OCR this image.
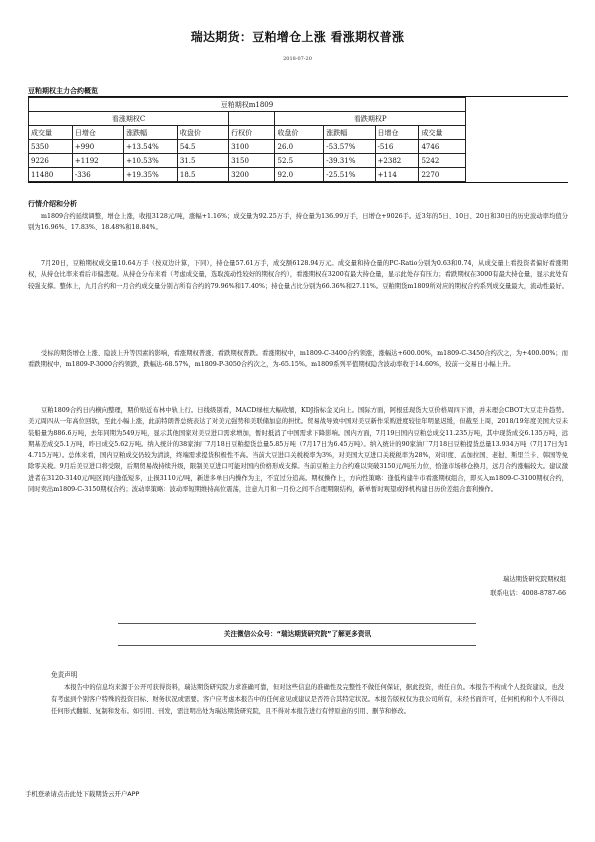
瑞达期货：豆粕增仓上涨 看涨期权普涨
2018-07-20
豆粕期权主力合约概览
豆粕期权m1809								
看涨期权C					看跌期权P			
成交量	日增仓	涨跌幅	收盘价	行权价	收盘价	涨跌幅	日增仓	成交量
5350	+990	+13.54%	54.5	3100	26.0	-53.57%	-516	4746
9226	+1192	+10.53%	31.5	3150	52.5	-39.31%	+2382	5242
11480	-336	+19.35%	18.5	3200	92.0	-25.51%	+114	2270
行情介绍和分析
m1809合约延续调整，增仓上涨，收报3128元/吨，涨幅+1.16%；成交量为92.25万手，持仓量为136.99万手，日增仓+9026手。近3年的5日、10日、20日和30日的历史波动率均值分别为16.96%、17.83%、18.48%和18.84%。
7月20日，豆粕期权成交量10.64万手（按双边计算，下同），持仓量57.61万手，成交额6128.94万元。成交量和持仓量的PC-Ratio分别为0.63和0.74，从成交量上看投资者偏好看涨期权，从持仓比率来看后市偏悲观。从持仓分布来看（考虑成交量，选取流动性较好的期权合约），看涨期权在3200有最大持仓量，显示此处存有压力；看跌期权在3000有最大持仓量，显示此处有较强支撑。整体上，九月合约和一月合约成交量分别占所有合约的79.96%和17.40%；持仓量占比分别为66.36%和27.11%。豆粕期货m1809所对应的期权合约系列成交量最大，流动性最好。
受标的期货增仓上涨、隐波上升等因素的影响，看涨期权普涨、看跌期权普跌。看涨期权中，m1809-C-3400合约领涨，涨幅达+600.00%，m1809-C-3450合约次之，为+400.00%；而看跌期权中，m1809-P-3000合约领跌，跌幅达-68.57%，m1809-P-3050合约次之，为-65.15%。m1809系列平值期权隐含波动率收于14.60%，较前一交易日小幅上升。
豆粕1809合约日内横向整理，期价贴近布林中轨上行。日线级别看，MACD绿柱大幅收缩，KDJ指标金叉向上。国际方面，阿根廷现货大豆价格周四下滑，并未理会CBOT大豆走升趋势。美元周四从一年高位回软，至此小幅上涨，此前特朗普总统表达了对美元强势和美联储加息的担忧。贸易战导致中国对美豆新作采购进度较往年明显迟缓，但截至上周，2018/19年度美国大豆未装船量为886.6万吨，去年同期为549万吨，显示其他国家对美豆进口需求增加，暂时抵消了中国需求下降影响。国内方面，7月19日国内豆粕总成交11.235万吨，其中现货成交6.135万吨，远期基差成交5.1万吨，昨日成交5.62万吨。纳入统计的38家油厂7月18日豆粕提货总量5.85万吨（7月17日为6.45万吨）。纳入统计的90家油厂7月18日豆粕提货总量13.934万吨（7月17日为14.715万吨）。总体来看，国内豆粕成交仍较为清淡，终端需求提货积极性不高。当前大豆进口关税税率为3%，对美国大豆进口关税税率为28%，对印度、孟加拉国、老挝、斯里兰卡、韩国等免除零关税。9月后美豆进口将受限，后期贸易战持续升级，限制美豆进口可能对国内价格形成支撑。当前豆粕主力合约难以突破3150元/吨压力位，恰逢市场移仓换月，远月合约涨幅较大。建议激进者在3120-3140元/吨区间内逢低短多，止损3110元/吨，新进多单日内操作为主，不宜过分追高。期权操作上，方向性策略：逢低构建牛市看涨期权组合，即买入m1809-C-3100期权合约，同时卖出m1809-C-3150期权合约；波动率策略：波动率短期维持高位震荡，注意九月和一月份之间不合理期限结构，新单暂时观望或择机构建日历价差组合套利操作。
瑞达期货研究院期权组
联系电话：4008-8787-66
关注微信公众号：“瑞达期货研究院”了解更多资讯
免责声明
本报告中的信息均来源于公开可获得资料，瑞达期货研究院力求准确可靠，但对这些信息的准确性及完整性不做任何保证，据此投资，责任自负。本报告不构成个人投资建议，也没有考虑到个别客户特殊的投资目标、财务状况或需要。客户应考虑本报告中的任何意见或建议是否符合其特定状况。本报告版权仅为我公司所有，未经书面许可，任何机构和个人不得以任何形式翻版、复制和发布。如引用、刊发，需注明出处为瑞达期货研究院，且不得对本报告进行有悖原意的引用、删节和修改。
手机登录请点击此处下载期货云开户APP
